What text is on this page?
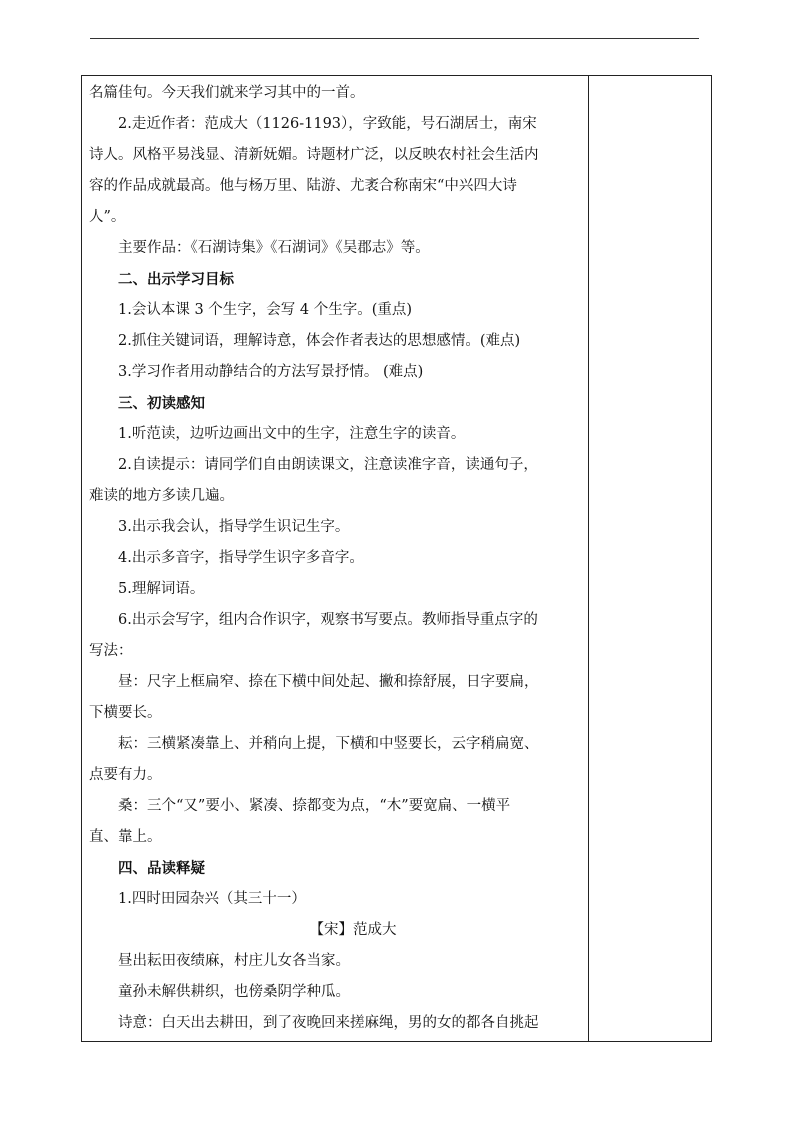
名篇佳句。今天我们就来学习其中的一首。
2.走近作者：范成大（1126-1193），字致能，号石湖居士，南宋
诗人。风格平易浅显、清新妩媚。诗题材广泛，以反映农村社会生活内
容的作品成就最高。他与杨万里、陆游、尤袤合称南宋“中兴四大诗
人”。
主要作品：《石湖诗集》《石湖词》《吴郡志》等。
二、出示学习目标
1.会认本课 3 个生字，会写 4 个生字。(重点)
2.抓住关键词语，理解诗意，体会作者表达的思想感情。(难点)
3.学习作者用动静结合的方法写景抒情。 (难点)
三、初读感知
1.听范读，边听边画出文中的生字，注意生字的读音。
2.自读提示：请同学们自由朗读课文，注意读准字音，读通句子，
难读的地方多读几遍。
3.出示我会认，指导学生识记生字。
4.出示多音字，指导学生识字多音字。
5.理解词语。
6.出示会写字，组内合作识字，观察书写要点。教师指导重点字的
写法：
昼：尺字上框扁窄、捺在下横中间处起、撇和捺舒展，日字要扁，
下横要长。
耘：三横紧凑靠上、并稍向上提，下横和中竖要长，云字稍扁宽、
点要有力。
桑：三个“又”要小、紧凑、捺都变为点，“木”要宽扁、一横平
直、靠上。
四、品读释疑
1.四时田园杂兴（其三十一）
【宋】范成大
昼出耘田夜绩麻，村庄儿女各当家。
童孙未解供耕织，也傍桑阴学种瓜。
诗意：白天出去耕田，到了夜晚回来搓麻绳，男的女的都各自挑起
